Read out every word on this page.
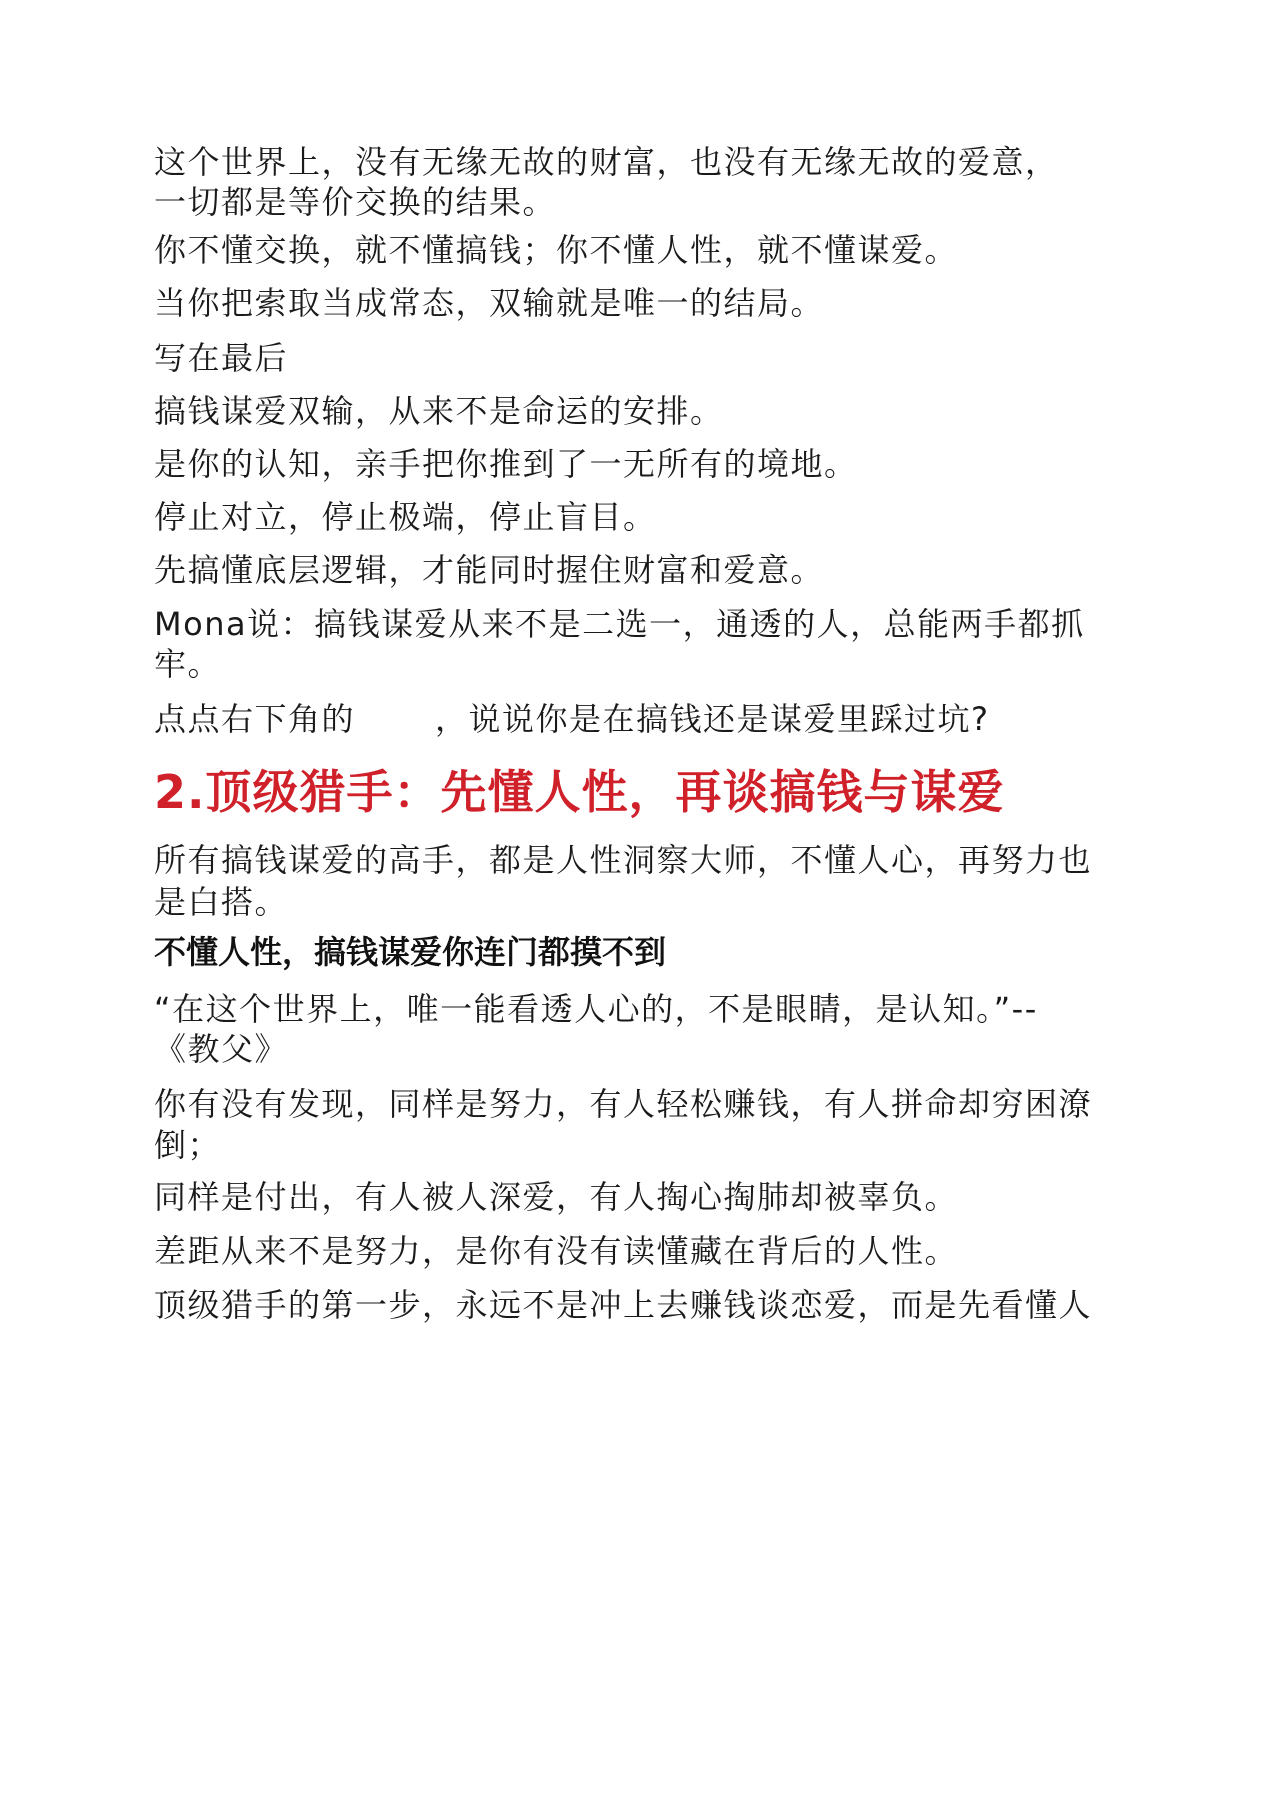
这个世界上，没有无缘无故的财富，也没有无缘无故的爱意，

一切都是等价交换的结果。

你不懂交换，就不懂搞钱；你不懂人性，就不懂谋爱。

当你把索取当成常态，双输就是唯一的结局。

写在最后

搞钱谋爱双输，从来不是命运的安排。

是你的认知，亲手把你推到了一无所有的境地。

停止对立，停止极端，停止盲目。

先搞懂底层逻辑，才能同时握住财富和爱意。

Mona说：搞钱谋爱从来不是二选一，通透的人，总能两手都抓

牢。

点点右下角的	，说说你是在搞钱还是谋爱里踩过坑?

2.顶级猎手：先懂人性，再谈搞钱与谋爱

所有搞钱谋爱的高手，都是人性洞察大师，不懂人心，再努力也

是白搭。

不懂人性，搞钱谋爱你连门都摸不到

“在这个世界上，唯一能看透人心的，不是眼睛，是认知。”--

《教父》

你有没有发现，同样是努力，有人轻松赚钱，有人拼命却穷困潦

倒；

同样是付出，有人被人深爱，有人掏心掏肺却被辜负。

差距从来不是努力，是你有没有读懂藏在背后的人性。

顶级猎手的第一步，永远不是冲上去赚钱谈恋爱，而是先看懂人
